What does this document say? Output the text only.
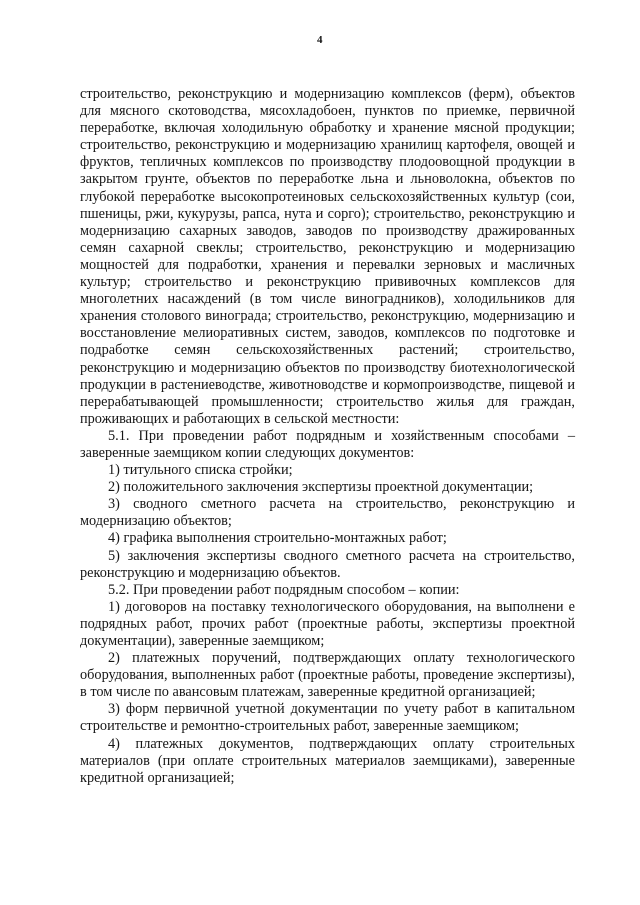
4

строительство, реконструкцию и модернизацию комплексов (ферм), объектов для мясного скотоводства, мясохладобоен, пунктов по приемке, первичной переработке, включая холодильную обработку и хранение мясной продукции; строительство, реконструкцию и модернизацию хранилищ картофеля, овощей и фруктов, тепличных комплексов по производству плодоовощной продукции в закрытом грунте, объектов по переработке льна и льноволокна, объектов по глубокой переработке высокопротеиновых сельскохозяйственных культур (сои, пшеницы, ржи, кукурузы, рапса, нута и сорго); строительство, реконструкцию и модернизацию сахарных заводов, заводов по производству дражированных семян сахарной свеклы; строительство, реконструкцию и модернизацию мощностей для подработки, хранения и перевалки зерновых и масличных культур; строительство и реконструкцию прививочных комплексов для многолетних насаждений (в том числе виноградников), холодильников для хранения столового винограда; строительство, реконструкцию, модернизацию и восстановление мелиоративных систем, заводов, комплексов по подготовке и подработке семян сельскохозяйственных растений; строительство, реконструкцию и модернизацию объектов по производству биотехнологической продукции в растениеводстве, животноводстве и кормопроизводстве, пищевой и перерабатывающей промышленности; строительство жилья для граждан, проживающих и работающих в сельской местности:

5.1. При проведении работ подрядным и хозяйственным способами – заверенные заемщиком копии следующих документов:

1) титульного списка стройки;

2) положительного заключения экспертизы проектной документации;

3) сводного сметного расчета на строительство, реконструкцию и модернизацию объектов;

4) графика выполнения строительно-монтажных работ;

5) заключения экспертизы сводного сметного расчета на строительство, реконструкцию и модернизацию объектов.

5.2. При проведении работ подрядным способом – копии:

1) договоров на поставку технологического оборудования, на выполнени е подрядных работ, прочих работ (проектные работы, экспертизы проектной документации), заверенные заемщиком;

2) платежных поручений, подтверждающих оплату технологического оборудования, выполненных работ (проектные работы, проведение экспертизы), в том числе по авансовым платежам, заверенные кредитной организацией;

3) форм первичной учетной документации по учету работ в капитальном строительстве и ремонтно-строительных работ, заверенные заемщиком;

4) платежных документов, подтверждающих оплату строительных материалов (при оплате строительных материалов заемщиками), заверенные кредитной организацией;
